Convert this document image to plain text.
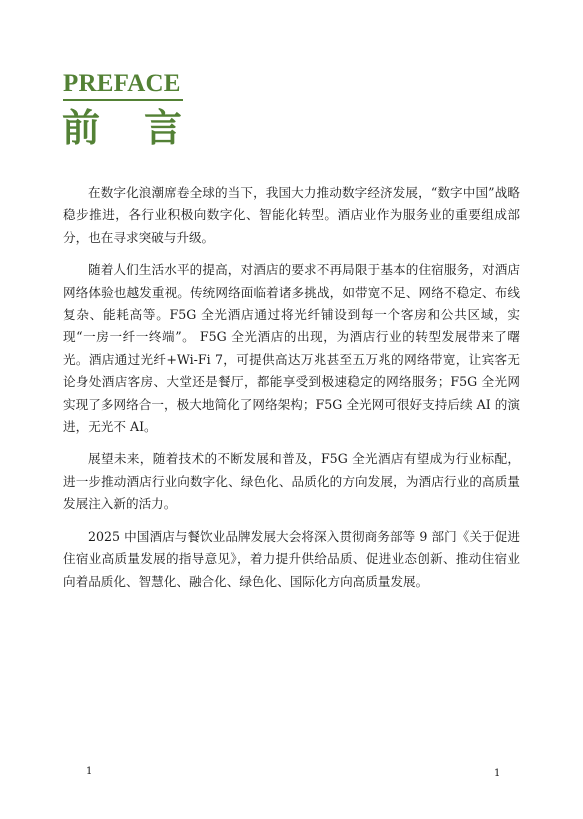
PREFACE
前言

在数字化浪潮席卷全球的当下，我国大力推动数字经济发展，“数字中国”战略稳步推进，各行业积极向数字化、智能化转型。酒店业作为服务业的重要组成部分，也在寻求突破与升级。

随着人们生活水平的提高，对酒店的要求不再局限于基本的住宿服务，对酒店网络体验也越发重视。传统网络面临着诸多挑战，如带宽不足、网络不稳定、布线复杂、能耗高等。F5G 全光酒店通过将光纤铺设到每一个客房和公共区域，实现“一房一纤一终端”。 F5G 全光酒店的出现，为酒店行业的转型发展带来了曙光。酒店通过光纤+Wi-Fi 7，可提供高达万兆甚至五万兆的网络带宽，让宾客无论身处酒店客房、大堂还是餐厅，都能享受到极速稳定的网络服务；F5G 全光网实现了多网络合一，极大地简化了网络架构；F5G 全光网可很好支持后续 AI 的演进，无光不 AI。

展望未来，随着技术的不断发展和普及，F5G 全光酒店有望成为行业标配，进一步推动酒店行业向数字化、绿色化、品质化的方向发展，为酒店行业的高质量发展注入新的活力。

2025 中国酒店与餐饮业品牌发展大会将深入贯彻商务部等 9 部门《关于促进住宿业高质量发展的指导意见》，着力提升供给品质、促进业态创新、推动住宿业向着品质化、智慧化、融合化、绿色化、国际化方向高质量发展。

1	1
